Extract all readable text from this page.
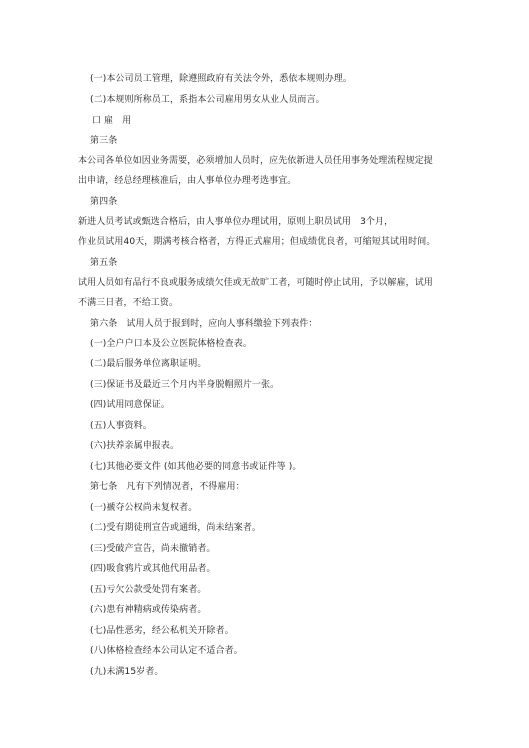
(一)本公司员工管理，除遵照政府有关法令外，悉依本规则办理。
(二)本规则所称员工，系指本公司雇用男女从业人员而言。
口 雇　用
第三条
本公司各单位如因业务需要，必须增加人员时，应先依新进人员任用事务处理流程规定提
出申请，经总经理核准后，由人事单位办理考选事宜。
第四条
新进人员考试或甄选合格后，由人事单位办理试用，原则上职员试用　3个月，
作业员试用40天，期满考核合格者，方得正式雇用；但成绩优良者，可缩短其试用时间。
第五条
试用人员如有品行不良或服务成绩欠佳或无故旷工者，可随时停止试用，予以解雇，试用
不满三日者，不给工资。
第六条　试用人员于报到时，应向人事科缴验下列表件：
(一)全户户口本及公立医院体格检查表。
(二)最后服务单位离职证明。
(三)保证书及最近三个月内半身脱帽照片一张。
(四)试用同意保证。
(五)人事资料。
(六)扶养亲属申报表。
(七)其他必要文件 (如其他必要的同意书或证件等 )。
第七条　凡有下列情况者，不得雇用：
(一)褫夺公权尚未复权者。
(二)受有期徒刑宣告或通缉，尚未结案者。
(三)受破产宣告，尚未撤销者。
(四)吸食鸦片或其他代用品者。
(五)亏欠公款受处罚有案者。
(六)患有神精病或传染病者。
(七)品性恶劣，经公私机关开除者。
(八)体格检查经本公司认定不适合者。
(九)未满15岁者。
